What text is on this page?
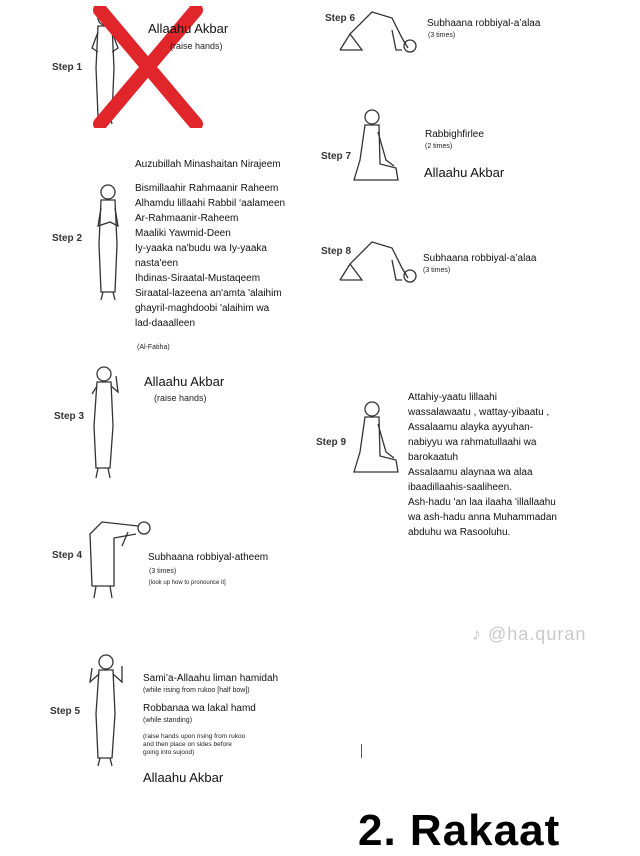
Step 1
Allaahu Akbar
(raise hands)
Auzubillah Minashaitan Nirajeem
Step 2
Bismillaahir Rahmaanir Raheem
Alhamdu lillaahi Rabbil ‘aalameen
Ar-Rahmaanir-Raheem
Maaliki Yawmid-Deen
Iy-yaaka na'budu wa Iy-yaaka
nasta'een
Ihdinas-Siraatal-Mustaqeem
Siraatal-lazeena an'amta 'alaihim
ghayril-maghdoobi 'alaihim wa
lad-daaalleen
(Al-Fatiha)
Step 3
Allaahu Akbar
(raise hands)
Step 4	Subhaana robbiyal-atheem
(3 times)
[look up how to pronounce it]
Step 5
Sami’a-Allaahu liman hamidah
(while rising from rukoo [half bow])
Robbanaa wa lakal hamd
(while standing)
(raise hands upon rising from rukoo
and then place on sides before
going into sujood)
Allaahu Akbar
Step 6	Subhaana robbiyal-a’alaa
(3 times)
Step 7
Rabbighfirlee
(2 times)
Allaahu Akbar
Step 8
Subhaana robbiyal-a’alaa
(3 times)
Step 9
Attahiy-yaatu lillaahi
wassalawaatu , wattay-yibaatu ,
Assalaamu alayka ayyuhan-
nabiyyu wa rahmatullaahi wa
barokaatuh
Assalaamu alaynaa wa alaa
ibaadillaahis-saaliheen.
Ash-hadu 'an laa ilaaha 'illallaahu
wa ash-hadu anna Muhammadan
abduhu wa Rasooluhu.
♪ @ha.quran
2. Rakaat
